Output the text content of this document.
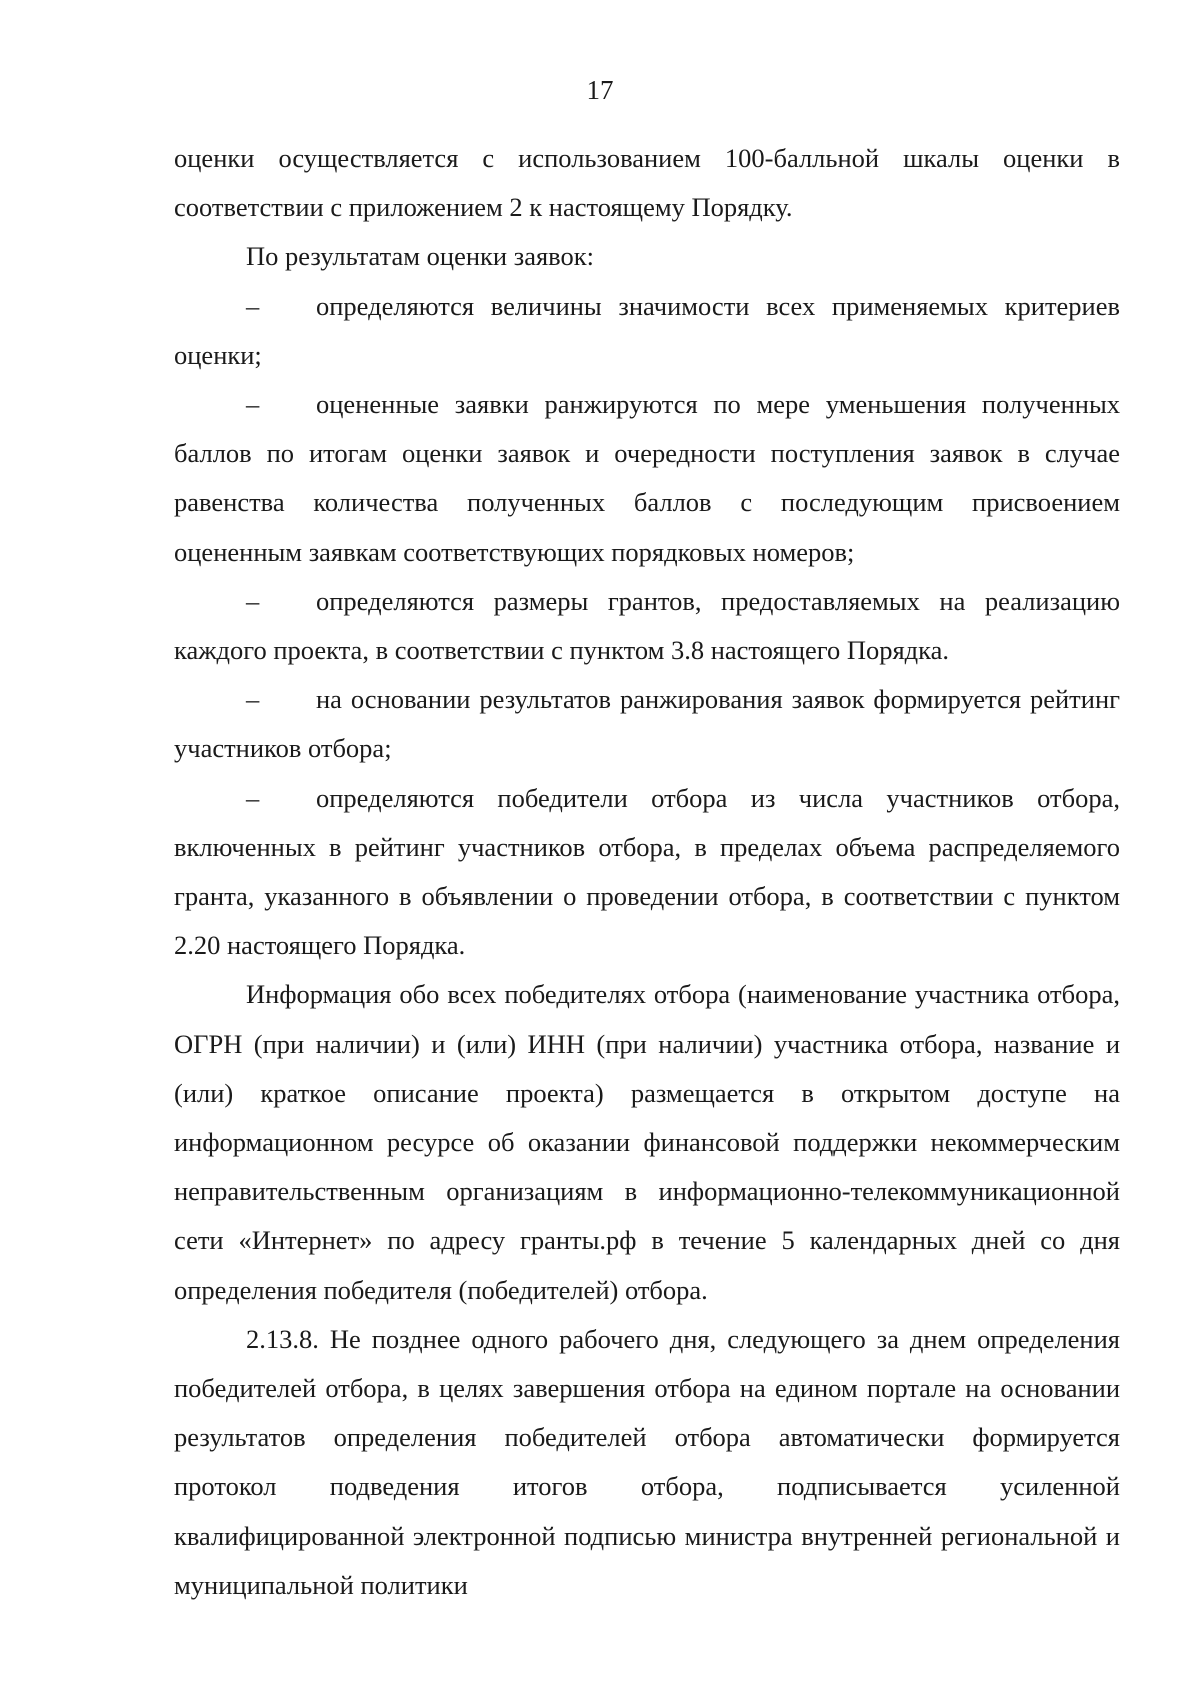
17

оценки осуществляется с использованием 100-балльной шкалы оценки в соответствии с приложением 2 к настоящему Порядку.

По результатам оценки заявок:

– определяются величины значимости всех применяемых критериев оценки;

– оцененные заявки ранжируются по мере уменьшения полученных баллов по итогам оценки заявок и очередности поступления заявок в случае равенства количества полученных баллов с последующим присвоением оцененным заявкам соответствующих порядковых номеров;

– определяются размеры грантов, предоставляемых на реализацию каждого проекта, в соответствии с пунктом 3.8 настоящего Порядка.

– на основании результатов ранжирования заявок формируется рейтинг участников отбора;

– определяются победители отбора из числа участников отбора, включенных в рейтинг участников отбора, в пределах объема распределяемого гранта, указанного в объявлении о проведении отбора, в соответствии с пунктом 2.20 настоящего Порядка.

Информация обо всех победителях отбора (наименование участника отбора, ОГРН (при наличии) и (или) ИНН (при наличии) участника отбора, название и (или) краткое описание проекта) размещается в открытом доступе на информационном ресурсе об оказании финансовой поддержки некоммерческим неправительственным организациям в информационно-телекоммуникационной сети «Интернет» по адресу гранты.рф в течение 5 календарных дней со дня определения победителя (победителей) отбора.

2.13.8. Не позднее одного рабочего дня, следующего за днем определения победителей отбора, в целях завершения отбора на едином портале на основании результатов определения победителей отбора автоматически формируется протокол подведения итогов отбора, подписывается усиленной квалифицированной электронной подписью министра внутренней региональной и муниципальной политики
